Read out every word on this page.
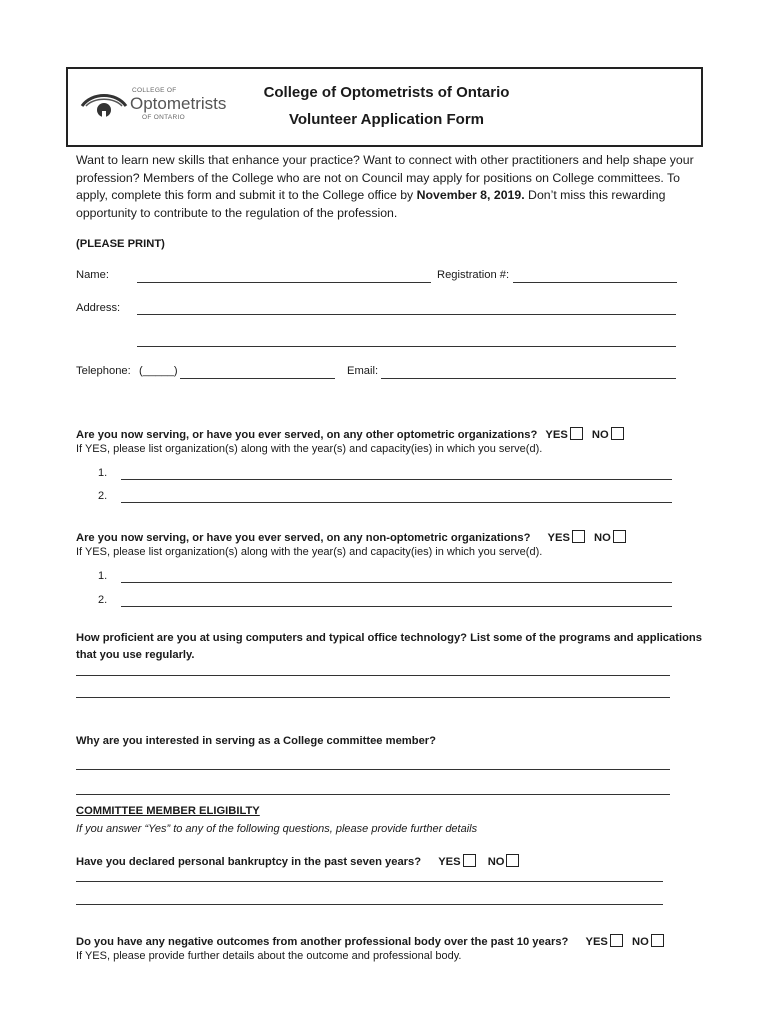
COLLEGE OF
Optometrists
OF ONTARIO
College of Optometrists of Ontario
Volunteer Application Form
Want to learn new skills that enhance your practice? Want to connect with other practitioners and help shape your profession? Members of the College who are not on Council may apply for positions on College committees. To apply, complete this form and submit it to the College office by November 8, 2019. Don’t miss this rewarding opportunity to contribute to the regulation of the profession.
(PLEASE PRINT)
Name:	Registration #:
Address:
Telephone: (_____)	Email:
Are you now serving, or have you ever served, on any other optometric organizations? YES NO
If YES, please list organization(s) along with the year(s) and capacity(ies) in which you serve(d).
1.
2.
Are you now serving, or have you ever served, on any non-optometric organizations? YES NO
If YES, please list organization(s) along with the year(s) and capacity(ies) in which you serve(d).
1.
2.
How proficient are you at using computers and typical office technology? List some of the programs and applications
that you use regularly.
Why are you interested in serving as a College committee member?
COMMITTEE MEMBER ELIGIBILTY
If you answer “Yes” to any of the following questions, please provide further details
Have you declared personal bankruptcy in the past seven years? YES NO
Do you have any negative outcomes from another professional body over the past 10 years? YES NO
If YES, please provide further details about the outcome and professional body.
